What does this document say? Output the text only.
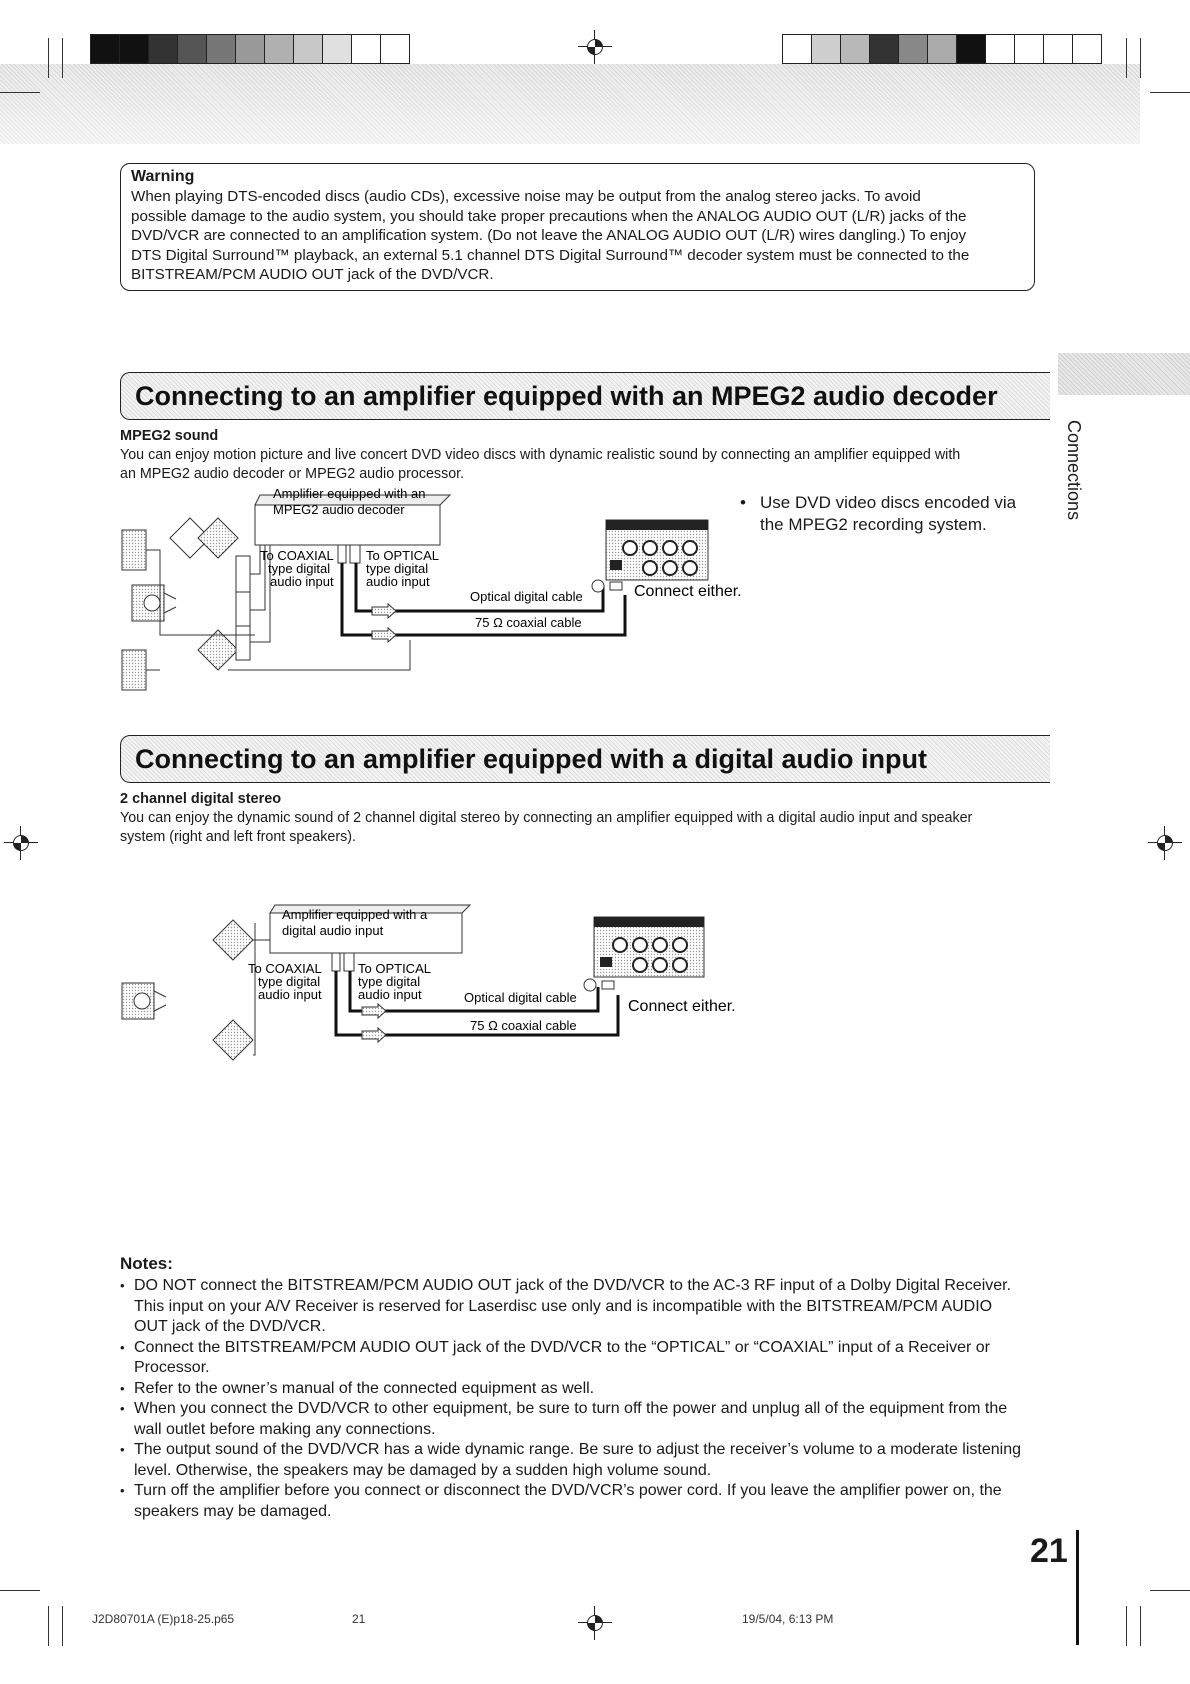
Warning

When playing DTS-encoded discs (audio CDs), excessive noise may be output from the analog stereo jacks. To avoid
possible damage to the audio system, you should take proper precautions when the ANALOG AUDIO OUT (L/R) jacks of the
DVD/VCR are connected to an amplification system. (Do not leave the ANALOG AUDIO OUT (L/R) wires dangling.) To enjoy
DTS Digital Surround™ playback, an external 5.1 channel DTS Digital Surround™ decoder system must be connected to the
BITSTREAM/PCM AUDIO OUT jack of the DVD/VCR.

Connections
Connecting to an amplifier equipped with an MPEG2 audio decoder
MPEG2 sound
You can enjoy motion picture and live concert DVD video discs with dynamic realistic sound by connecting an amplifier equipped with
an MPEG2 audio decoder or MPEG2 audio processor.
• Use DVD video discs encoded via
the MPEG2 recording system.
Amplifier equipped with an
MPEG2 audio decoder
To COAXIAL
type digital
audio input
To OPTICAL
type digital
audio input
Optical digital cable
75 Ω coaxial cable
Connect either.
Connecting to an amplifier equipped with a digital audio input
2 channel digital stereo
You can enjoy the dynamic sound of 2 channel digital stereo by connecting an amplifier equipped with a digital audio input and speaker
system (right and left front speakers).
Amplifier equipped with a
digital audio input
To COAXIAL
type digital
audio input
To OPTICAL
type digital
audio input	Optical digital cable
75 Ω coaxial cable
Connect either.
Notes:
• DO NOT connect the BITSTREAM/PCM AUDIO OUT jack of the DVD/VCR to the AC-3 RF input of a Dolby Digital Receiver.
This input on your A/V Receiver is reserved for Laserdisc use only and is incompatible with the BITSTREAM/PCM AUDIO
OUT jack of the DVD/VCR.
• Connect the BITSTREAM/PCM AUDIO OUT jack of the DVD/VCR to the “OPTICAL” or “COAXIAL” input of a Receiver or
Processor.
• Refer to the owner’s manual of the connected equipment as well.
• When you connect the DVD/VCR to other equipment, be sure to turn off the power and unplug all of the equipment from the
wall outlet before making any connections.
• The output sound of the DVD/VCR has a wide dynamic range. Be sure to adjust the receiver’s volume to a moderate listening
level. Otherwise, the speakers may be damaged by a sudden high volume sound.
• Turn off the amplifier before you connect or disconnect the DVD/VCR’s power cord. If you leave the amplifier power on, the
speakers may be damaged.
21
J2D80701A (E)p18-25.p65	21	19/5/04, 6:13 PM
